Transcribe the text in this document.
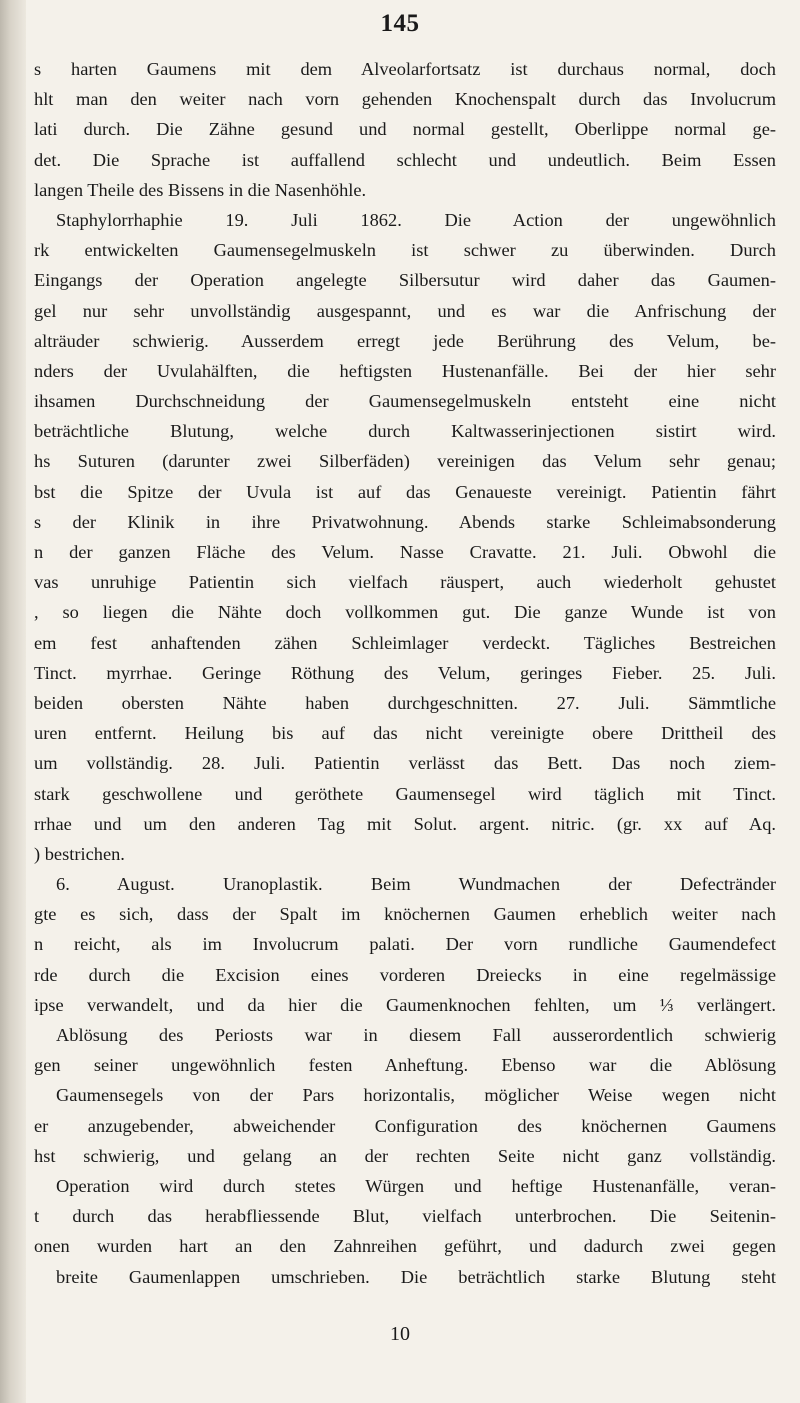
145
s harten Gaumens mit dem Alveolarfortsatz ist durchaus normal, doch
hlt man den weiter nach vorn gehenden Knochenspalt durch das Involucrum
lati durch. Die Zähne gesund und normal gestellt, Oberlippe normal ge-
det. Die Sprache ist auffallend schlecht und undeutlich. Beim Essen
langen Theile des Bissens in die Nasenhöhle.
Staphylorrhaphie 19. Juli 1862. Die Action der ungewöhnlich
rk entwickelten Gaumensegelmuskeln ist schwer zu überwinden. Durch
Eingangs der Operation angelegte Silbersutur wird daher das Gaumen-
gel nur sehr unvollständig ausgespannt, und es war die Anfrischung der
alträuder schwierig. Ausserdem erregt jede Berührung des Velum, be-
nders der Uvulahälften, die heftigsten Hustenanfälle. Bei der hier sehr
ihsamen Durchschneidung der Gaumensegelmuskeln entsteht eine nicht
beträchtliche Blutung, welche durch Kaltwasserinjectionen sistirt wird.
hs Suturen (darunter zwei Silberfäden) vereinigen das Velum sehr genau;
bst die Spitze der Uvula ist auf das Genaueste vereinigt. Patientin fährt
s der Klinik in ihre Privatwohnung. Abends starke Schleimabsonderung
n der ganzen Fläche des Velum. Nasse Cravatte. 21. Juli. Obwohl die
vas unruhige Patientin sich vielfach räuspert, auch wiederholt gehustet
, so liegen die Nähte doch vollkommen gut. Die ganze Wunde ist von
em fest anhaftenden zähen Schleimlager verdeckt. Tägliches Bestreichen
Tinct. myrrhae. Geringe Röthung des Velum, geringes Fieber. 25. Juli.
beiden obersten Nähte haben durchgeschnitten. 27. Juli. Sämmtliche
uren entfernt. Heilung bis auf das nicht vereinigte obere Drittheil des
um vollständig. 28. Juli. Patientin verlässt das Bett. Das noch ziem-
stark geschwollene und geröthete Gaumensegel wird täglich mit Tinct.
rrhae und um den anderen Tag mit Solut. argent. nitric. (gr. xx auf Aq.
) bestrichen.
6. August. Uranoplastik. Beim Wundmachen der Defectränder
gte es sich, dass der Spalt im knöchernen Gaumen erheblich weiter nach
n reicht, als im Involucrum palati. Der vorn rundliche Gaumendefect
rde durch die Excision eines vorderen Dreiecks in eine regelmässige
ipse verwandelt, und da hier die Gaumenknochen fehlten, um ⅓ verlängert.
Ablösung des Periosts war in diesem Fall ausserordentlich schwierig
gen seiner ungewöhnlich festen Anheftung. Ebenso war die Ablösung
Gaumensegels von der Pars horizontalis, möglicher Weise wegen nicht
er anzugebender, abweichender Configuration des knöchernen Gaumens
hst schwierig, und gelang an der rechten Seite nicht ganz vollständig.
Operation wird durch stetes Würgen und heftige Hustenanfälle, veran-
t durch das herabfliessende Blut, vielfach unterbrochen. Die Seitenin-
onen wurden hart an den Zahnreihen geführt, und dadurch zwei gegen
breite Gaumenlappen umschrieben. Die beträchtlich starke Blutung steht
10
